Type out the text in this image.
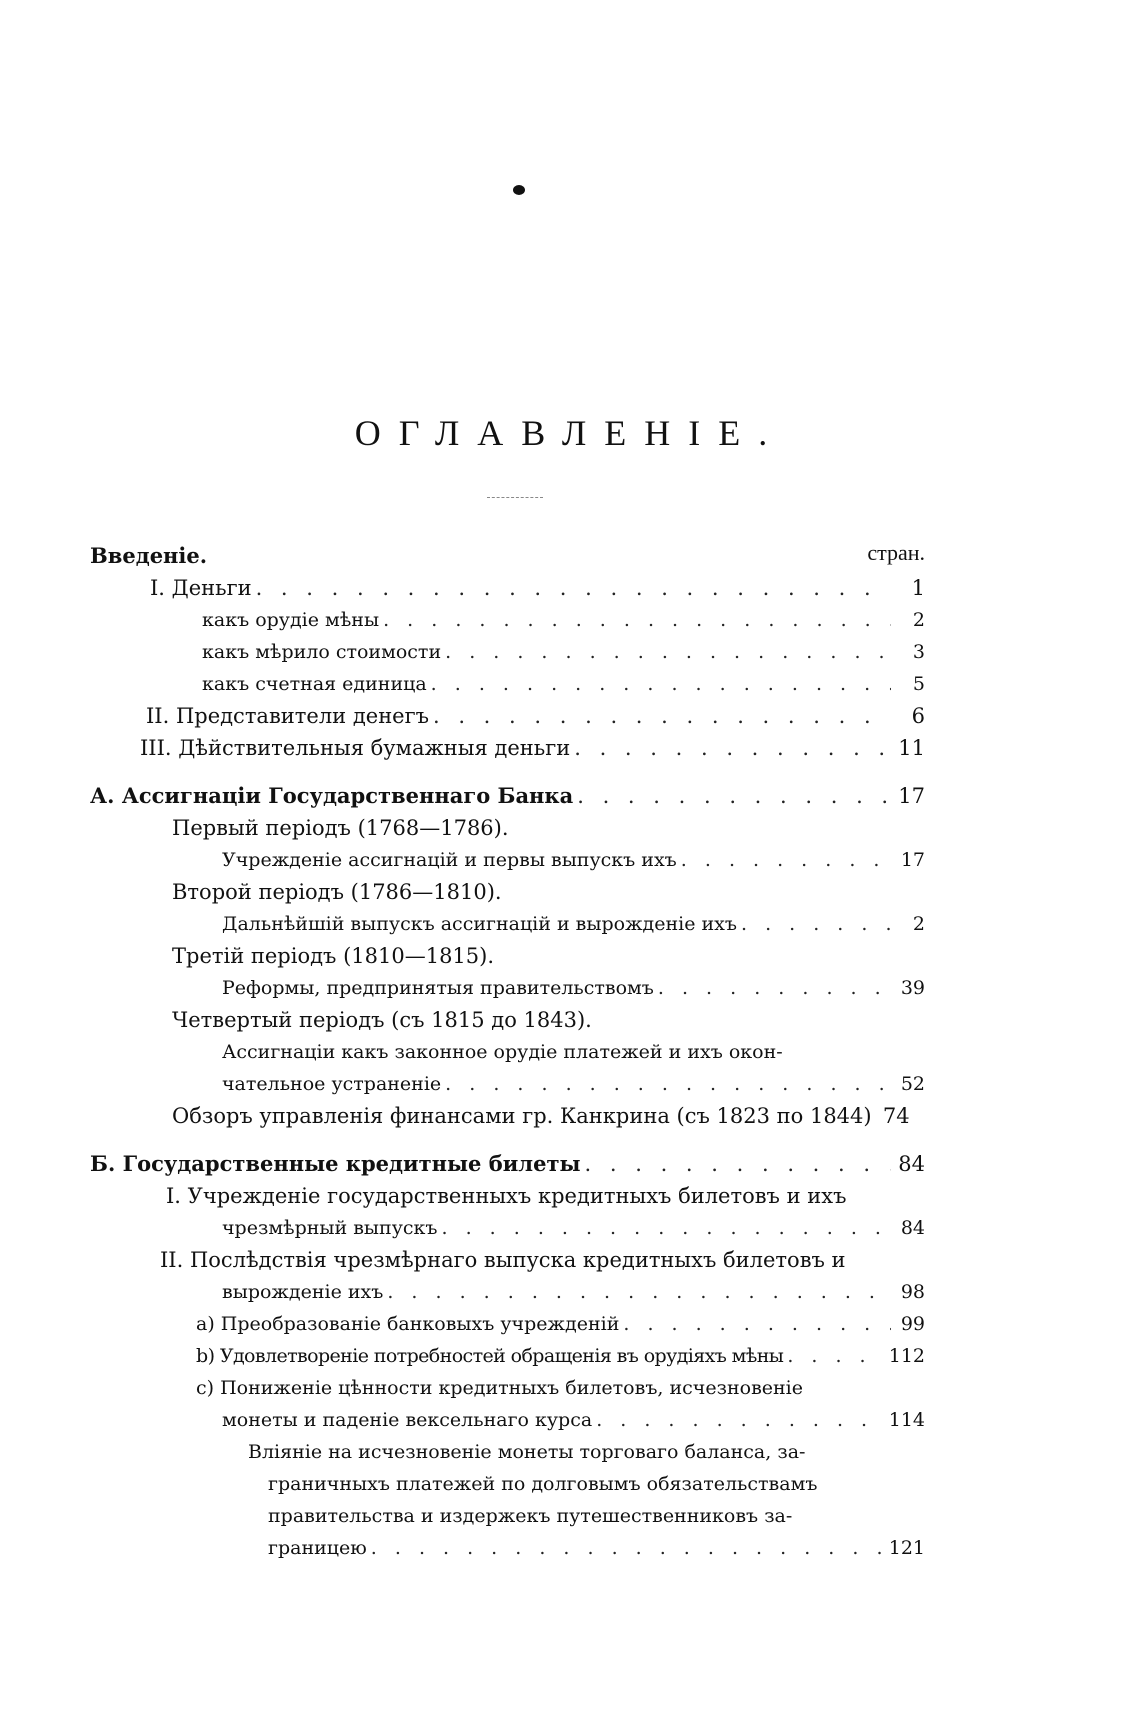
ОГЛАВЛЕНІЕ.
стран.
Введеніе.
I. Деньги . . .	1
какъ орудіе мѣны . . .	2
какъ мѣрило стоимости . . .	3
какъ счетная единица . . .	5
II. Представители денегъ . . .	6
III. Дѣйствительныя бумажныя деньги . . .	11
А. Ассигнаціи Государственнаго Банка . . .	17
Первый періодъ (1768—1786).
Учрежденіе ассигнацій и первы выпускъ ихъ . . .	17
Второй періодъ (1786—1810).
Дальнѣйшій выпускъ ассигнацій и вырожденіе ихъ . . .	2
Третій періодъ (1810—1815).
Реформы, предпринятыя правительствомъ . . .	39
Четвертый періодъ (съ 1815 до 1843).
Ассигнаціи какъ законное орудіе платежей и ихъ окон-
чательное устраненіе . . .	52
Обзоръ управленія финансами гр. Канкрина (съ 1823 по 1844) 74
Б. Государственные кредитные билеты . . .	84
I. Учрежденіе государственныхъ кредитныхъ билетовъ и ихъ
чрезмѣрный выпускъ . . .	84
II. Послѣдствія чрезмѣрнаго выпуска кредитныхъ билетовъ и
вырожденіе ихъ . . .	98
a) Преобразованіе банковыхъ учрежденій . . .	99
b) Удовлетвореніе потребностей обращенія въ орудіяхъ мѣны . . .	112
c) Пониженіе цѣнности кредитныхъ билетовъ, исчезновеніе
монеты и паденіе вексельнаго курса . . .	114
Вліяніе на исчезновеніе монеты торговаго баланса, за-
граничныхъ платежей по долговымъ обязательствамъ
правительства и издержекъ путешественниковъ за-
границею . . .	121
